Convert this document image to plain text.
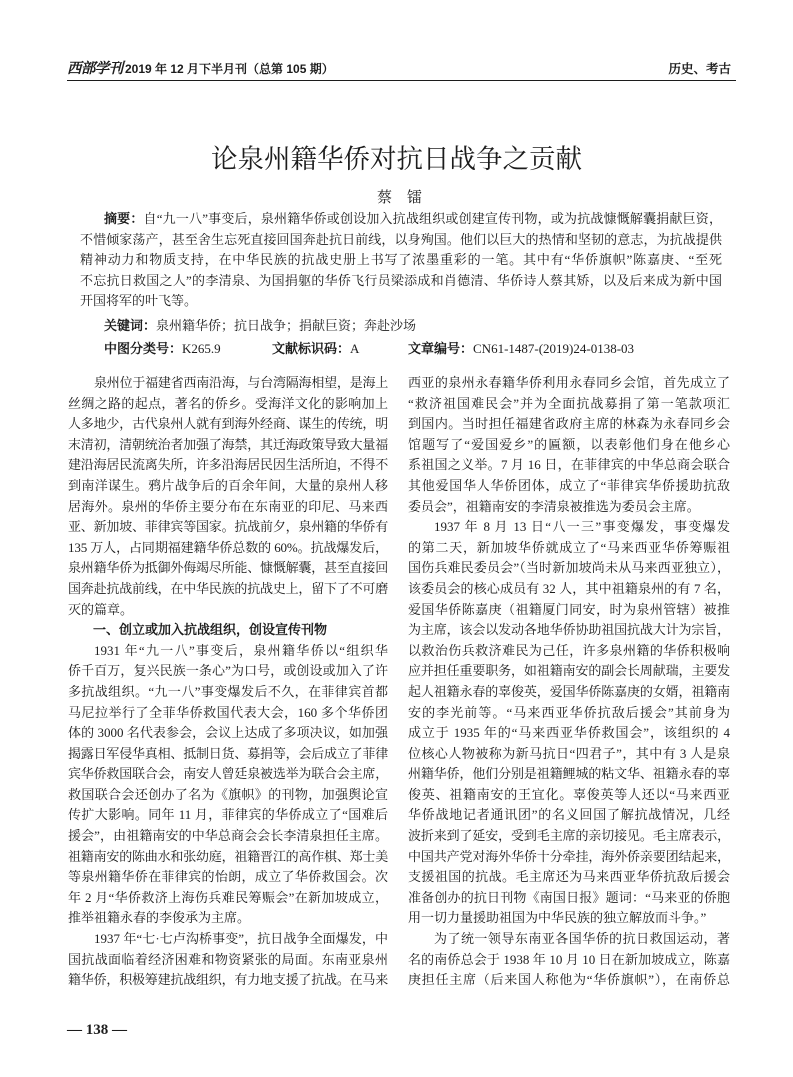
西部学刊 2019 年 12 月下半月刊（总第 105 期）	历史、考古
论泉州籍华侨对抗日战争之贡献
蔡　镭
摘要：自“九一八”事变后，泉州籍华侨或创设加入抗战组织或创建宣传刊物，或为抗战慷慨解囊捐献巨资，
不惜倾家荡产，甚至舍生忘死直接回国奔赴抗日前线，以身殉国。他们以巨大的热情和坚韧的意志，为抗战提供
精神动力和物质支持，在中华民族的抗战史册上书写了浓墨重彩的一笔。其中有“华侨旗帜”陈嘉庚、“至死
不忘抗日救国之人”的李清泉、为国捐躯的华侨飞行员梁添成和肖德清、华侨诗人蔡其矫，以及后来成为新中国
开国将军的叶飞等。
关键词：泉州籍华侨；抗日战争；捐献巨资；奔赴沙场
中图分类号：K265.9	文献标识码：A	文章编号：CN61-1487-(2019)24-0138-03
泉州位于福建省西南沿海，与台湾隔海相望，是海上
丝绸之路的起点，著名的侨乡。受海洋文化的影响加上
人多地少，古代泉州人就有到海外经商、谋生的传统，明
末清初，清朝统治者加强了海禁，其迁海政策导致大量福
建沿海居民流离失所，许多沿海居民因生活所迫，不得不
到南洋谋生。鸦片战争后的百余年间，大量的泉州人移
居海外。泉州的华侨主要分布在东南亚的印尼、马来西
亚、新加坡、菲律宾等国家。抗战前夕，泉州籍的华侨有
135 万人，占同期福建籍华侨总数的 60%。抗战爆发后，
泉州籍华侨为抵御外侮竭尽所能、慷慨解囊，甚至直接回
国奔赴抗战前线，在中华民族的抗战史上，留下了不可磨
灭的篇章。
一、创立或加入抗战组织，创设宣传刊物
1931 年“九一八”事变后，泉州籍华侨以“组织华
侨千百万，复兴民族一条心”为口号，或创设或加入了许
多抗战组织。“九一八”事变爆发后不久，在菲律宾首都
马尼拉举行了全菲华侨救国代表大会，160 多个华侨团
体的 3000 名代表参会，会议上达成了多项决议，如加强
揭露日军侵华真相、抵制日货、募捐等，会后成立了菲律
宾华侨救国联合会，南安人曾廷泉被选举为联合会主席，
救国联合会还创办了名为《旗帜》的刊物，加强舆论宣
传扩大影响。同年 11 月，菲律宾的华侨成立了“国难后
援会”，由祖籍南安的中华总商会会长李清泉担任主席。
祖籍南安的陈曲水和张幼庭，祖籍晋江的高作棋、郑士美
等泉州籍华侨在菲律宾的怡朗，成立了华侨救国会。次
年 2 月“华侨救济上海伤兵难民筹赈会”在新加坡成立，
推举祖籍永春的李俊承为主席。
1937 年“七·七卢沟桥事变”，抗日战争全面爆发，中
国抗战面临着经济困难和物资紧张的局面。东南亚泉州
籍华侨，积极筹建抗战组织，有力地支援了抗战。在马来
西亚的泉州永春籍华侨利用永春同乡会馆，首先成立了
“救济祖国难民会”并为全面抗战募捐了第一笔款项汇
到国内。当时担任福建省政府主席的林森为永春同乡会
馆题写了“爱国爱乡”的匾额，以表彰他们身在他乡心
系祖国之义举。7 月 16 日，在菲律宾的中华总商会联合
其他爱国华人华侨团体，成立了“菲律宾华侨援助抗敌
委员会”，祖籍南安的李清泉被推选为委员会主席。
1937 年 8 月 13 日“八一三”事变爆发，事变爆发
的第二天，新加坡华侨就成立了“马来西亚华侨筹赈祖
国伤兵难民委员会”（当时新加坡尚未从马来西亚独立），
该委员会的核心成员有 32 人，其中祖籍泉州的有 7 名，
爱国华侨陈嘉庚（祖籍厦门同安，时为泉州管辖）被推
为主席，该会以发动各地华侨协助祖国抗战大计为宗旨，
以救治伤兵救济难民为己任，许多泉州籍的华侨积极响
应并担任重要职务，如祖籍南安的副会长周献瑞，主要发
起人祖籍永春的辜俊英，爱国华侨陈嘉庚的女婿，祖籍南
安的李光前等。“马来西亚华侨抗敌后援会”其前身为
成立于 1935 年的“马来西亚华侨救国会”，该组织的 4
位核心人物被称为新马抗日“四君子”，其中有 3 人是泉
州籍华侨，他们分别是祖籍鲤城的粘文华、祖籍永春的辜
俊英、祖籍南安的王宜化。辜俊英等人还以“马来西亚
华侨战地记者通讯团”的名义回国了解抗战情况，几经
波折来到了延安，受到毛主席的亲切接见。毛主席表示，
中国共产党对海外华侨十分牵挂，海外侨亲要团结起来，
支援祖国的抗战。毛主席还为马来西亚华侨抗敌后援会
准备创办的抗日刊物《南国日报》题词：“马来亚的侨胞
用一切力量援助祖国为中华民族的独立解放而斗争。”
为了统一领导东南亚各国华侨的抗日救国运动，著
名的南侨总会于 1938 年 10 月 10 日在新加坡成立，陈嘉
庚担任主席（后来国人称他为“华侨旗帜”），在南侨总
— 138 —
